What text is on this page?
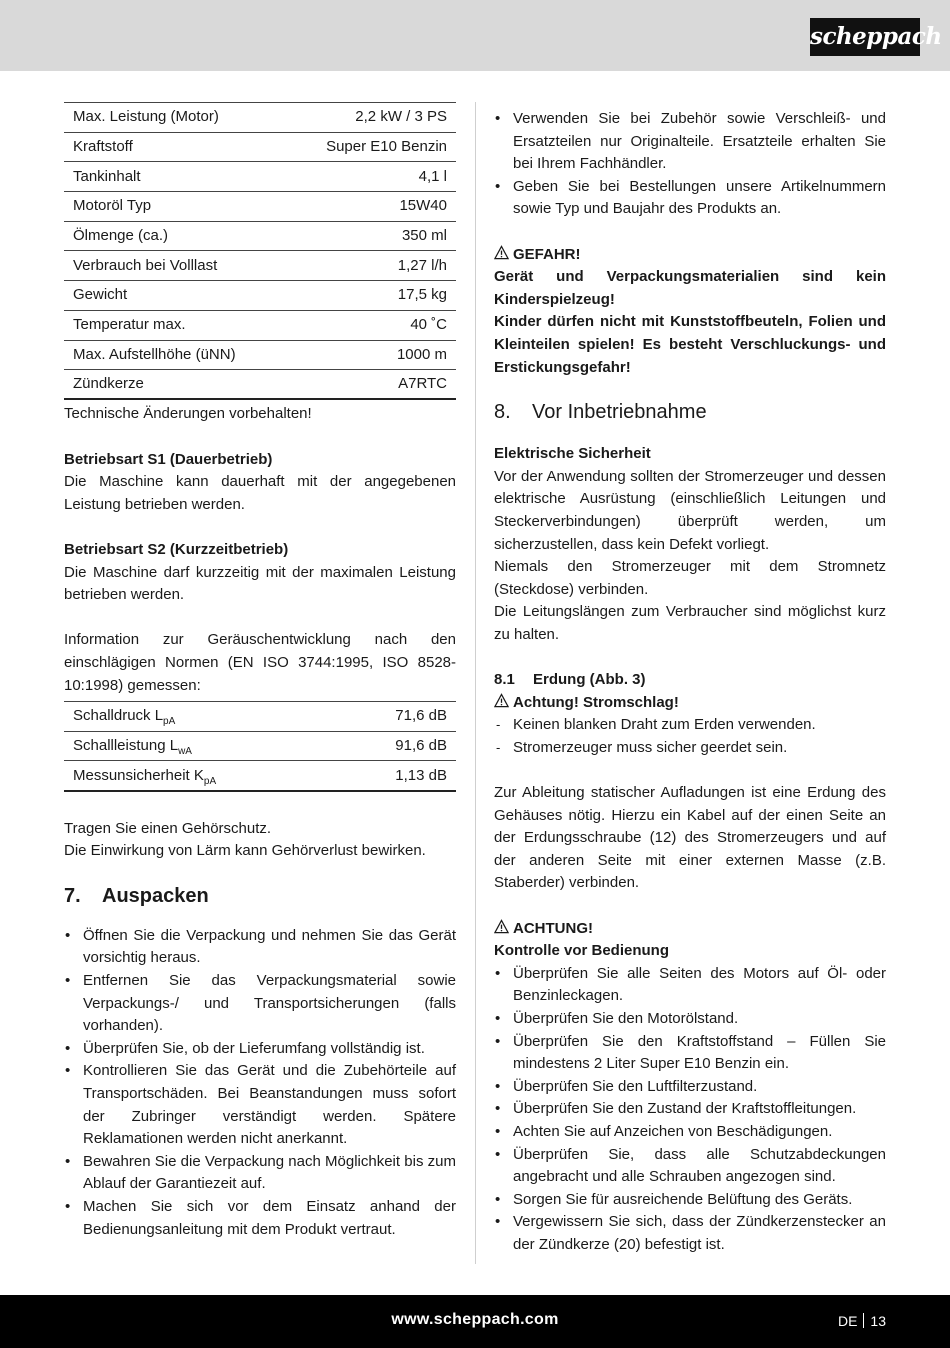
scheppach
Max. Leistung (Motor)	2,2 kW / 3 PS
Kraftstoff	Super E10 Benzin
Tankinhalt	4,1 l
Motoröl Typ	15W40
Ölmenge (ca.)	350 ml
Verbrauch bei Volllast	1,27 l/h
Gewicht	17,5 kg
Temperatur max.	40 ˚C
Max. Aufstellhöhe (üNN)	1000 m
Zündkerze	A7RTC

Technische Änderungen vorbehalten!

Betriebsart S1 (Dauerbetrieb)

Die Maschine kann dauerhaft mit der angegebenen Leistung betrieben werden.

Betriebsart S2 (Kurzzeitbetrieb)

Die Maschine darf kurzzeitig mit der maximalen Leistung betrieben werden.

Information zur Geräuschentwicklung nach den einschlägigen Normen (EN ISO 3744:1995, ISO 8528-10:1998) gemessen:

Schalldruck $L_{pA}$	71,6 dB
Schallleistung $L_{wA}$	91,6 dB
Messunsicherheit $K_{pA}$	1,13 dB

Tragen Sie einen Gehörschutz.

Die Einwirkung von Lärm kann Gehörverlust bewirken.

7. Auspacken
• Öffnen Sie die Verpackung und nehmen Sie das Gerät vorsichtig heraus.
• Entfernen Sie das Verpackungsmaterial sowie Verpackungs-/ und Transportsicherungen (falls vorhanden).
• Überprüfen Sie, ob der Lieferumfang vollständig ist.
• Kontrollieren Sie das Gerät und die Zubehörteile auf Transportschäden. Bei Beanstandungen muss sofort der Zubringer verständigt werden. Spätere Reklamationen werden nicht anerkannt.
• Bewahren Sie die Verpackung nach Möglichkeit bis zum Ablauf der Garantiezeit auf.
• Machen Sie sich vor dem Einsatz anhand der Bedienungsanleitung mit dem Produkt vertraut.
• Verwenden Sie bei Zubehör sowie Verschleiß- und Ersatzteilen nur Originalteile. Ersatzteile erhalten Sie bei Ihrem Fachhändler.
• Geben Sie bei Bestellungen unsere Artikelnummern sowie Typ und Baujahr des Produkts an.

GEFAHR!

Gerät und Verpackungsmaterialien sind kein Kinderspielzeug!

Kinder dürfen nicht mit Kunststoffbeuteln, Folien und Kleinteilen spielen! Es besteht Verschluckungs- und Erstickungsgefahr!

8. Vor Inbetriebnahme

Elektrische Sicherheit

Vor der Anwendung sollten der Stromerzeuger und dessen elektrische Ausrüstung (einschließlich Leitungen und Steckerverbindungen) überprüft werden, um sicherzustellen, dass kein Defekt vorliegt.

Niemals den Stromerzeuger mit dem Stromnetz (Steckdose) verbinden.

Die Leitungslängen zum Verbraucher sind möglichst kurz zu halten.

8.1 Erdung (Abb. 3)

Achtung! Stromschlag!

- Keinen blanken Draht zum Erden verwenden.
- Stromerzeuger muss sicher geerdet sein.

Zur Ableitung statischer Aufladungen ist eine Erdung des Gehäuses nötig. Hierzu ein Kabel auf der einen Seite an der Erdungsschraube (12) des Stromerzeugers und auf der anderen Seite mit einer externen Masse (z.B. Staberder) verbinden.

ACHTUNG!

Kontrolle vor Bedienung

• Überprüfen Sie alle Seiten des Motors auf Öl- oder Benzinleckagen.
• Überprüfen Sie den Motorölstand.
• Überprüfen Sie den Kraftstoffstand – Füllen Sie mindestens 2 Liter Super E10 Benzin ein.
• Überprüfen Sie den Luftfilterzustand.
• Überprüfen Sie den Zustand der Kraftstoffleitungen.
• Achten Sie auf Anzeichen von Beschädigungen.
• Überprüfen Sie, dass alle Schutzabdeckungen angebracht und alle Schrauben angezogen sind.
• Sorgen Sie für ausreichende Belüftung des Geräts.
• Vergewissern Sie sich, dass der Zündkerzenstecker an der Zündkerze (20) befestigt ist.
www.scheppach.com	DE 13
